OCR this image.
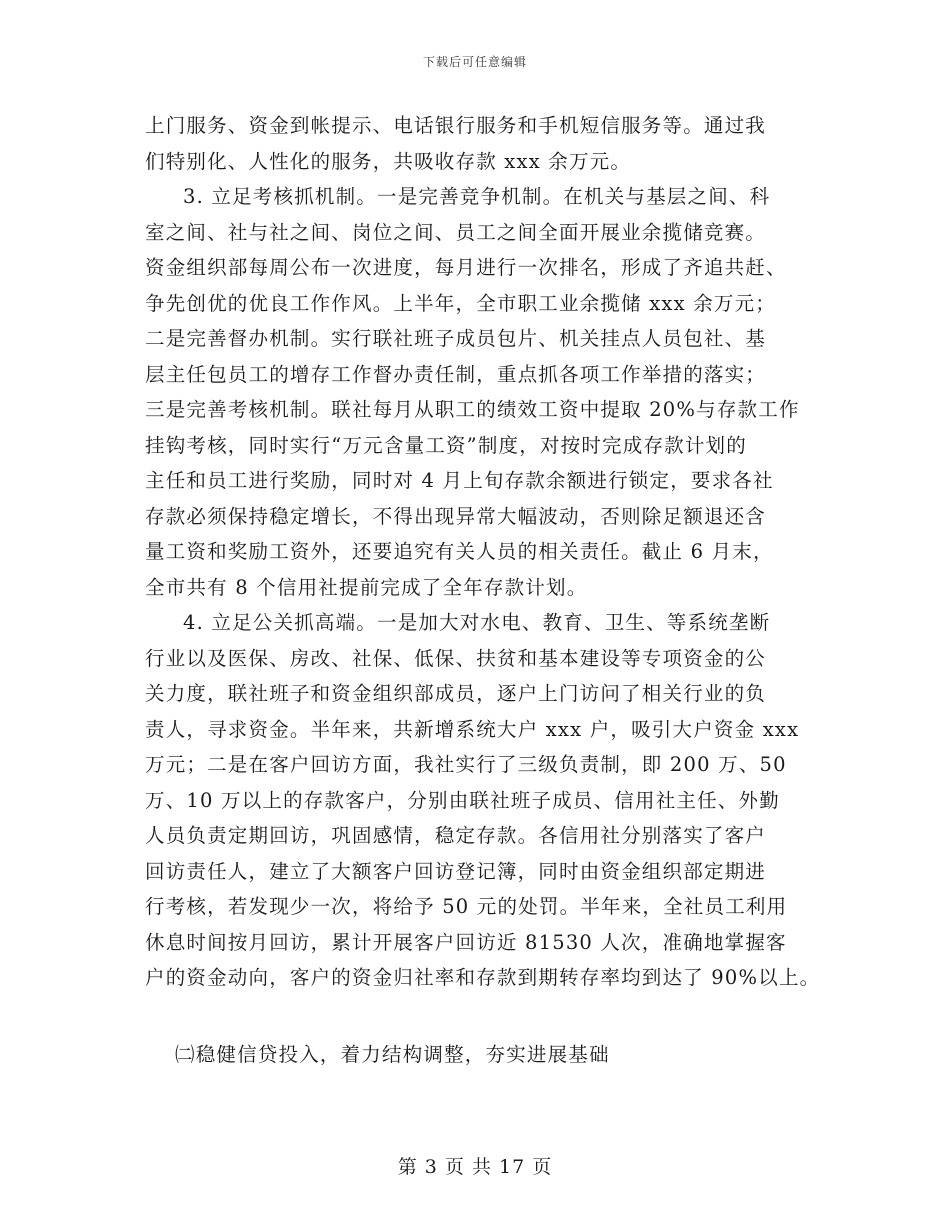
下载后可任意编辑
上门服务、资金到帐提示、电话银行服务和手机短信服务等。通过我
们特别化、人性化的服务，共吸收存款 xxx 余万元。
3. 立足考核抓机制。一是完善竞争机制。在机关与基层之间、科
室之间、社与社之间、岗位之间、员工之间全面开展业余揽储竞赛。
资金组织部每周公布一次进度，每月进行一次排名，形成了齐追共赶、
争先创优的优良工作作风。上半年，全市职工业余揽储 xxx 余万元；
二是完善督办机制。实行联社班子成员包片、机关挂点人员包社、基
层主任包员工的增存工作督办责任制，重点抓各项工作举措的落实；
三是完善考核机制。联社每月从职工的绩效工资中提取 20%与存款工作
挂钩考核，同时实行“万元含量工资”制度，对按时完成存款计划的
主任和员工进行奖励，同时对 4 月上旬存款余额进行锁定，要求各社
存款必须保持稳定增长，不得出现异常大幅波动，否则除足额退还含
量工资和奖励工资外，还要追究有关人员的相关责任。截止 6 月末，
全市共有 8 个信用社提前完成了全年存款计划。
4. 立足公关抓高端。一是加大对水电、教育、卫生、等系统垄断
行业以及医保、房改、社保、低保、扶贫和基本建设等专项资金的公
关力度，联社班子和资金组织部成员，逐户上门访问了相关行业的负
责人，寻求资金。半年来，共新增系统大户 xxx 户，吸引大户资金 xxx
万元；二是在客户回访方面，我社实行了三级负责制，即 200 万、50
万、10 万以上的存款客户，分别由联社班子成员、信用社主任、外勤
人员负责定期回访，巩固感情，稳定存款。各信用社分别落实了客户
回访责任人，建立了大额客户回访登记簿，同时由资金组织部定期进
行考核，若发现少一次，将给予 50 元的处罚。半年来，全社员工利用
休息时间按月回访，累计开展客户回访近 81530 人次，准确地掌握客
户的资金动向，客户的资金归社率和存款到期转存率均到达了 90%以上。
㈡稳健信贷投入，着力结构调整，夯实进展基础
第 3 页 共 17 页
